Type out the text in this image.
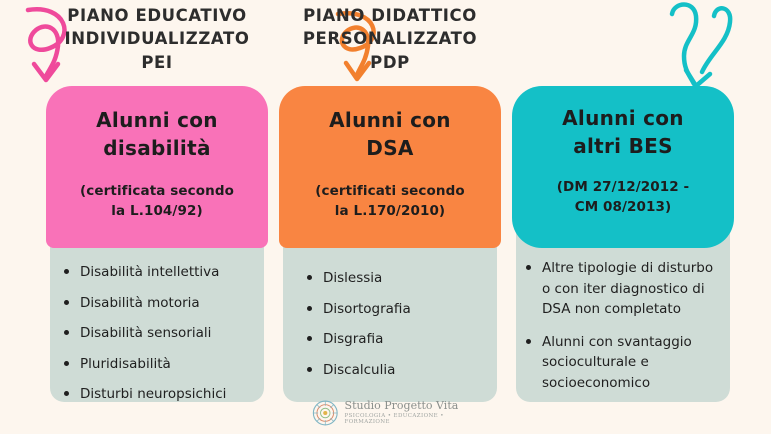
PIANO EDUCATIVO
INDIVIDUALIZZATO
PEI
Alunni con
disabilità
(certificata secondo
la L.104/92)
Disabilità intellettiva
Disabilità motoria
Disabilità sensoriali
Pluridisabilità
Disturbi neuropsichici
PIANO DIDATTICO
PERSONALIZZATO
PDP
Alunni con
DSA
(certificati secondo
la L.170/2010)
Dislessia
Disortografia
Disgrafia
Discalculia
Alunni con
altri BES
(DM 27/12/2012 -
CM 08/2013)
Altre tipologie di disturbo o con iter diagnostico di DSA non completato
Alunni con svantaggio socioculturale e socioeconomico
Studio Progetto Vita
PSICOLOGIA • EDUCAZIONE • FORMAZIONE
